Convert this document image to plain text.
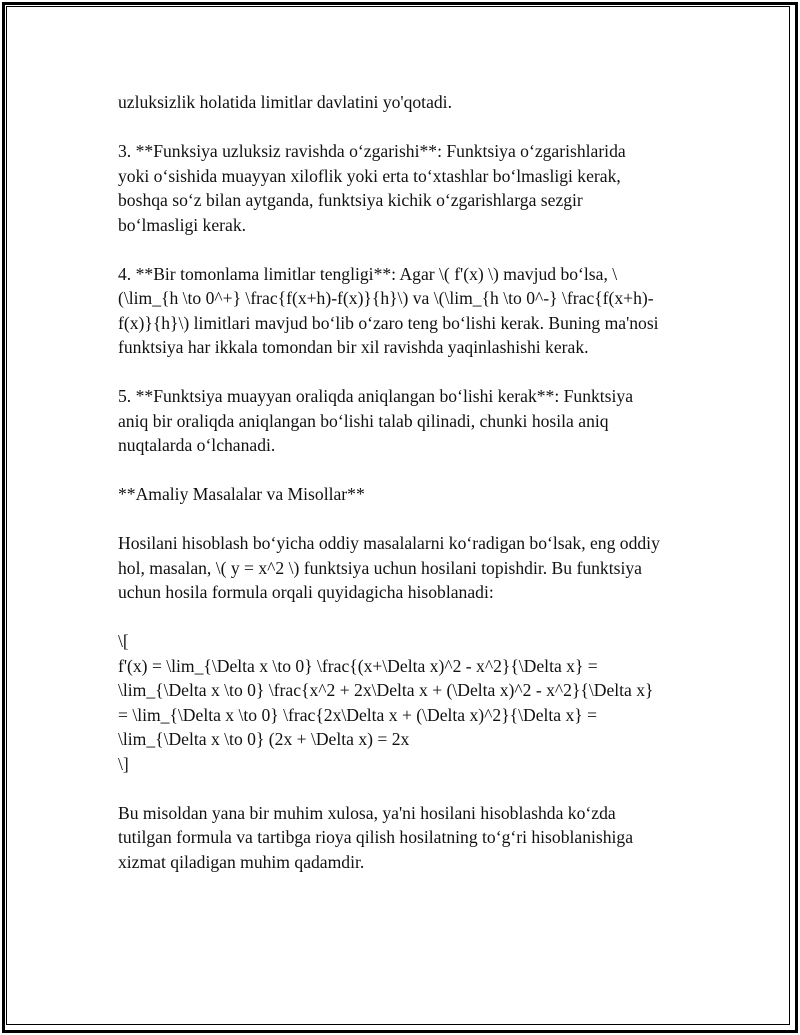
uzluksizlik holatida limitlar davlatini yo'qotadi.

3. **Funksiya uzluksiz ravishda o‘zgarishi**: Funktsiya o‘zgarishlarida
yoki o‘sishida muayyan xiloflik yoki erta to‘xtashlar bo‘lmasligi kerak,
boshqa so‘z bilan aytganda, funktsiya kichik o‘zgarishlarga sezgir
bo‘lmasligi kerak.

4. **Bir tomonlama limitlar tengligi**: Agar \( f'(x) \) mavjud bo‘lsa, \
(\lim_{h \to 0^+} \frac{f(x+h)-f(x)}{h}\) va \(\lim_{h \to 0^-} \frac{f(x+h)-
f(x)}{h}\) limitlari mavjud bo‘lib o‘zaro teng bo‘lishi kerak. Buning ma'nosi
funktsiya har ikkala tomondan bir xil ravishda yaqinlashishi kerak.

5. **Funktsiya muayyan oraliqda aniqlangan bo‘lishi kerak**: Funktsiya
aniq bir oraliqda aniqlangan bo‘lishi talab qilinadi, chunki hosila aniq
nuqtalarda o‘lchanadi.

**Amaliy Masalalar va Misollar**

Hosilani hisoblash bo‘yicha oddiy masalalarni ko‘radigan bo‘lsak, eng oddiy
hol, masalan, \( y = x^2 \) funktsiya uchun hosilani topishdir. Bu funktsiya
uchun hosila formula orqali quyidagicha hisoblanadi:

\[
f'(x) = \lim_{\Delta x \to 0} \frac{(x+\Delta x)^2 - x^2}{\Delta x} =
\lim_{\Delta x \to 0} \frac{x^2 + 2x\Delta x + (\Delta x)^2 - x^2}{\Delta x}
= \lim_{\Delta x \to 0} \frac{2x\Delta x + (\Delta x)^2}{\Delta x} =
\lim_{\Delta x \to 0} (2x + \Delta x) = 2x
\]

Bu misoldan yana bir muhim xulosa, ya'ni hosilani hisoblashda ko‘zda
tutilgan formula va tartibga rioya qilish hosilatning to‘g‘ri hisoblanishiga
xizmat qiladigan muhim qadamdir.
